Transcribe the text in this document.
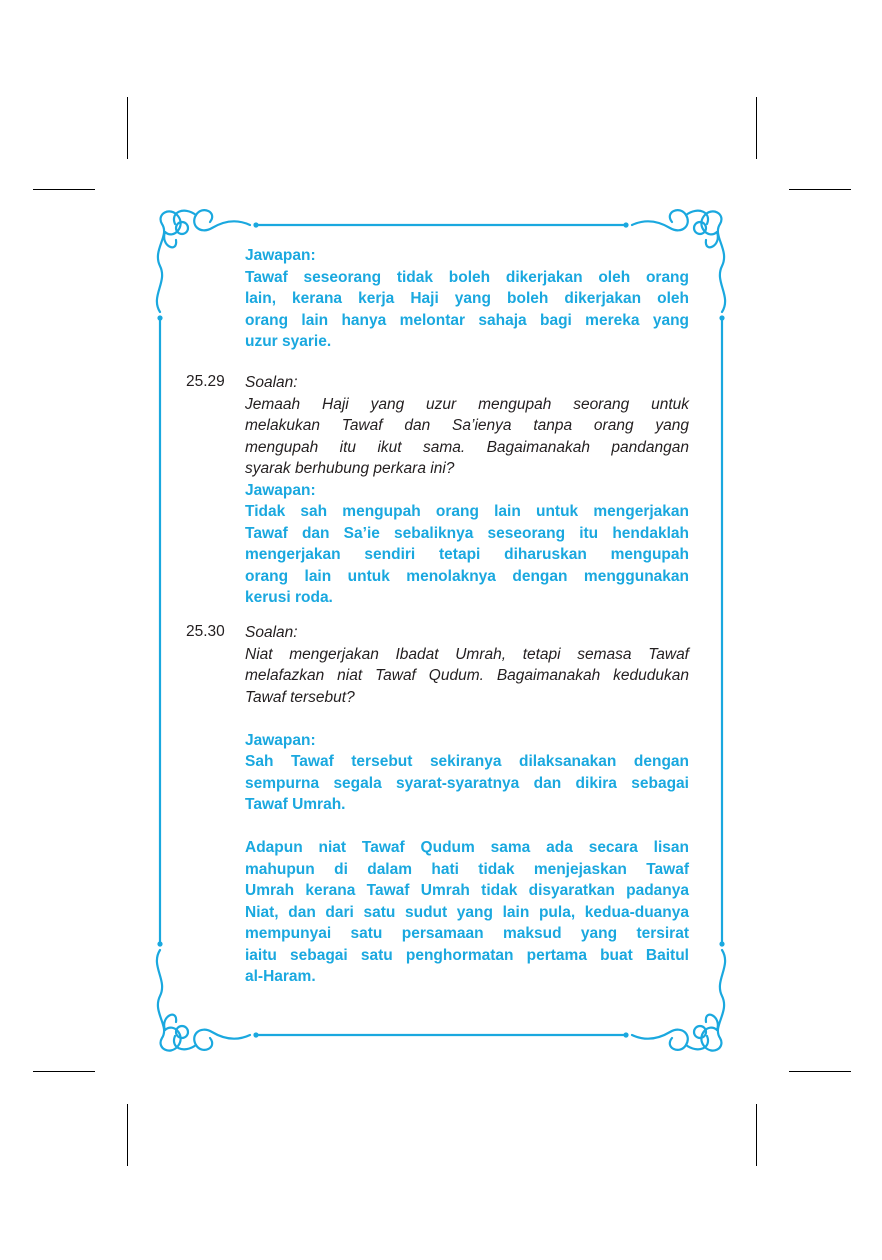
Jawapan:
Tawaf seseorang tidak boleh dikerjakan oleh orang
lain, kerana kerja Haji yang boleh dikerjakan oleh
orang lain hanya melontar sahaja bagi mereka yang
uzur syarie.
25.29 Soalan:
Jemaah Haji yang uzur mengupah seorang untuk
melakukan Tawaf dan Sa’ienya tanpa orang yang
mengupah itu ikut sama. Bagaimanakah pandangan
syarak berhubung perkara ini?
Jawapan:
Tidak sah mengupah orang lain untuk mengerjakan
Tawaf dan Sa’ie sebaliknya seseorang itu hendaklah
mengerjakan sendiri tetapi diharuskan mengupah
orang lain untuk menolaknya dengan menggunakan
kerusi roda.
25.30 Soalan:
Niat mengerjakan Ibadat Umrah, tetapi semasa Tawaf
melafazkan niat Tawaf Qudum. Bagaimanakah kedudukan
Tawaf tersebut?
Jawapan:
Sah Tawaf tersebut sekiranya dilaksanakan dengan
sempurna segala syarat-syaratnya dan dikira sebagai
Tawaf Umrah.
Adapun niat Tawaf Qudum sama ada secara lisan
mahupun di dalam hati tidak menjejaskan Tawaf
Umrah kerana Tawaf Umrah tidak disyaratkan padanya
Niat, dan dari satu sudut yang lain pula, kedua-duanya
mempunyai satu persamaan maksud yang tersirat
iaitu sebagai satu penghormatan pertama buat Baitul
al-Haram.
